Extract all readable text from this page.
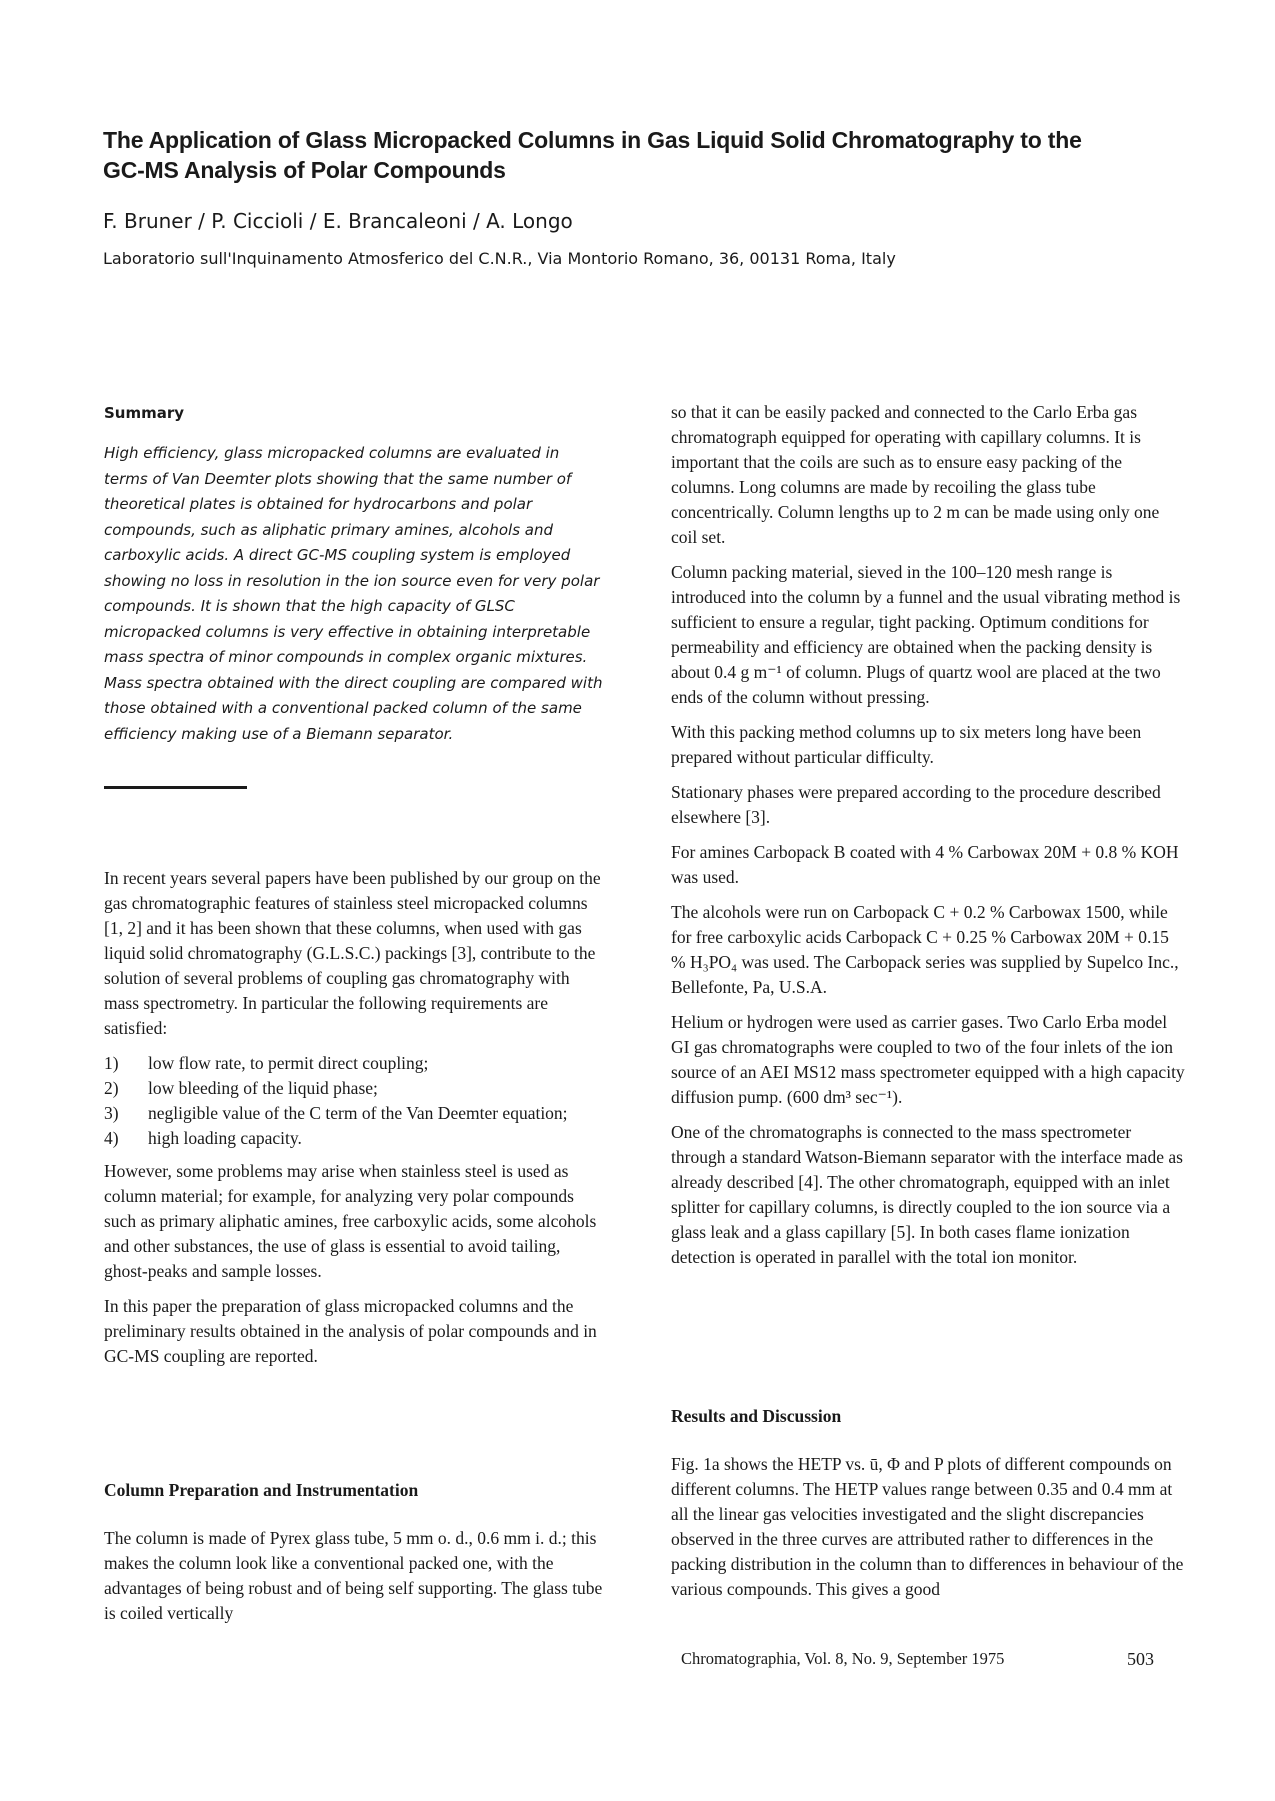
The Application of Glass Micropacked Columns in Gas Liquid Solid Chromatography to the GC-MS Analysis of Polar Compounds

F. Bruner / P. Ciccioli / E. Brancaleoni / A. Longo

Laboratorio sull'Inquinamento Atmosferico del C.N.R., Via Montorio Romano, 36, 00131 Roma, Italy

Summary

High efficiency, glass micropacked columns are evaluated in terms of Van Deemter plots showing that the same number of theoretical plates is obtained for hydrocarbons and polar compounds, such as aliphatic primary amines, alcohols and carboxylic acids. A direct GC-MS coupling system is employed showing no loss in resolution in the ion source even for very polar compounds. It is shown that the high capacity of GLSC micropacked columns is very effective in obtaining interpretable mass spectra of minor compounds in complex organic mixtures. Mass spectra obtained with the direct coupling are compared with those obtained with a conventional packed column of the same efficiency making use of a Biemann separator.

In recent years several papers have been published by our group on the gas chromatographic features of stainless steel micropacked columns [1, 2] and it has been shown that these columns, when used with gas liquid solid chromatography (G.L.S.C.) packings [3], contribute to the solution of several problems of coupling gas chromatography with mass spectrometry. In particular the following requirements are satisfied:

1)	low flow rate, to permit direct coupling;
2)	low bleeding of the liquid phase;
3)	negligible value of the C term of the Van Deemter equation;
4)	high loading capacity.

However, some problems may arise when stainless steel is used as column material; for example, for analyzing very polar compounds such as primary aliphatic amines, free carboxylic acids, some alcohols and other substances, the use of glass is essential to avoid tailing, ghost-peaks and sample losses.

In this paper the preparation of glass micropacked columns and the preliminary results obtained in the analysis of polar compounds and in GC-MS coupling are reported.

Column Preparation and Instrumentation

The column is made of Pyrex glass tube, 5 mm o. d., 0.6 mm i. d.; this makes the column look like a conventional packed one, with the advantages of being robust and of being self supporting. The glass tube is coiled vertically

so that it can be easily packed and connected to the Carlo Erba gas chromatograph equipped for operating with capillary columns. It is important that the coils are such as to ensure easy packing of the columns. Long columns are made by recoiling the glass tube concentrically. Column lengths up to 2 m can be made using only one coil set.

Column packing material, sieved in the 100–120 mesh range is introduced into the column by a funnel and the usual vibrating method is sufficient to ensure a regular, tight packing. Optimum conditions for permeability and efficiency are obtained when the packing density is about 0.4 g m⁻¹ of column. Plugs of quartz wool are placed at the two ends of the column without pressing.

With this packing method columns up to six meters long have been prepared without particular difficulty.

Stationary phases were prepared according to the procedure described elsewhere [3].

For amines Carbopack B coated with 4 % Carbowax 20M + 0.8 % KOH was used.

The alcohols were run on Carbopack C + 0.2 % Carbowax 1500, while for free carboxylic acids Carbopack C + 0.25 % Carbowax 20M + 0.15 % H₃PO₄ was used. The Carbopack series was supplied by Supelco Inc., Bellefonte, Pa, U.S.A.

Helium or hydrogen were used as carrier gases. Two Carlo Erba model GI gas chromatographs were coupled to two of the four inlets of the ion source of an AEI MS12 mass spectrometer equipped with a high capacity diffusion pump. (600 dm³ sec⁻¹).

One of the chromatographs is connected to the mass spectrometer through a standard Watson-Biemann separator with the interface made as already described [4]. The other chromatograph, equipped with an inlet splitter for capillary columns, is directly coupled to the ion source via a glass leak and a glass capillary [5]. In both cases flame ionization detection is operated in parallel with the total ion monitor.

Results and Discussion

Fig. 1a shows the HETP vs. ū, Φ and P plots of different compounds on different columns. The HETP values range between 0.35 and 0.4 mm at all the linear gas velocities investigated and the slight discrepancies observed in the three curves are attributed rather to differences in the packing distribution in the column than to differences in behaviour of the various compounds. This gives a good

Chromatographia, Vol. 8, No. 9, September 1975	503
